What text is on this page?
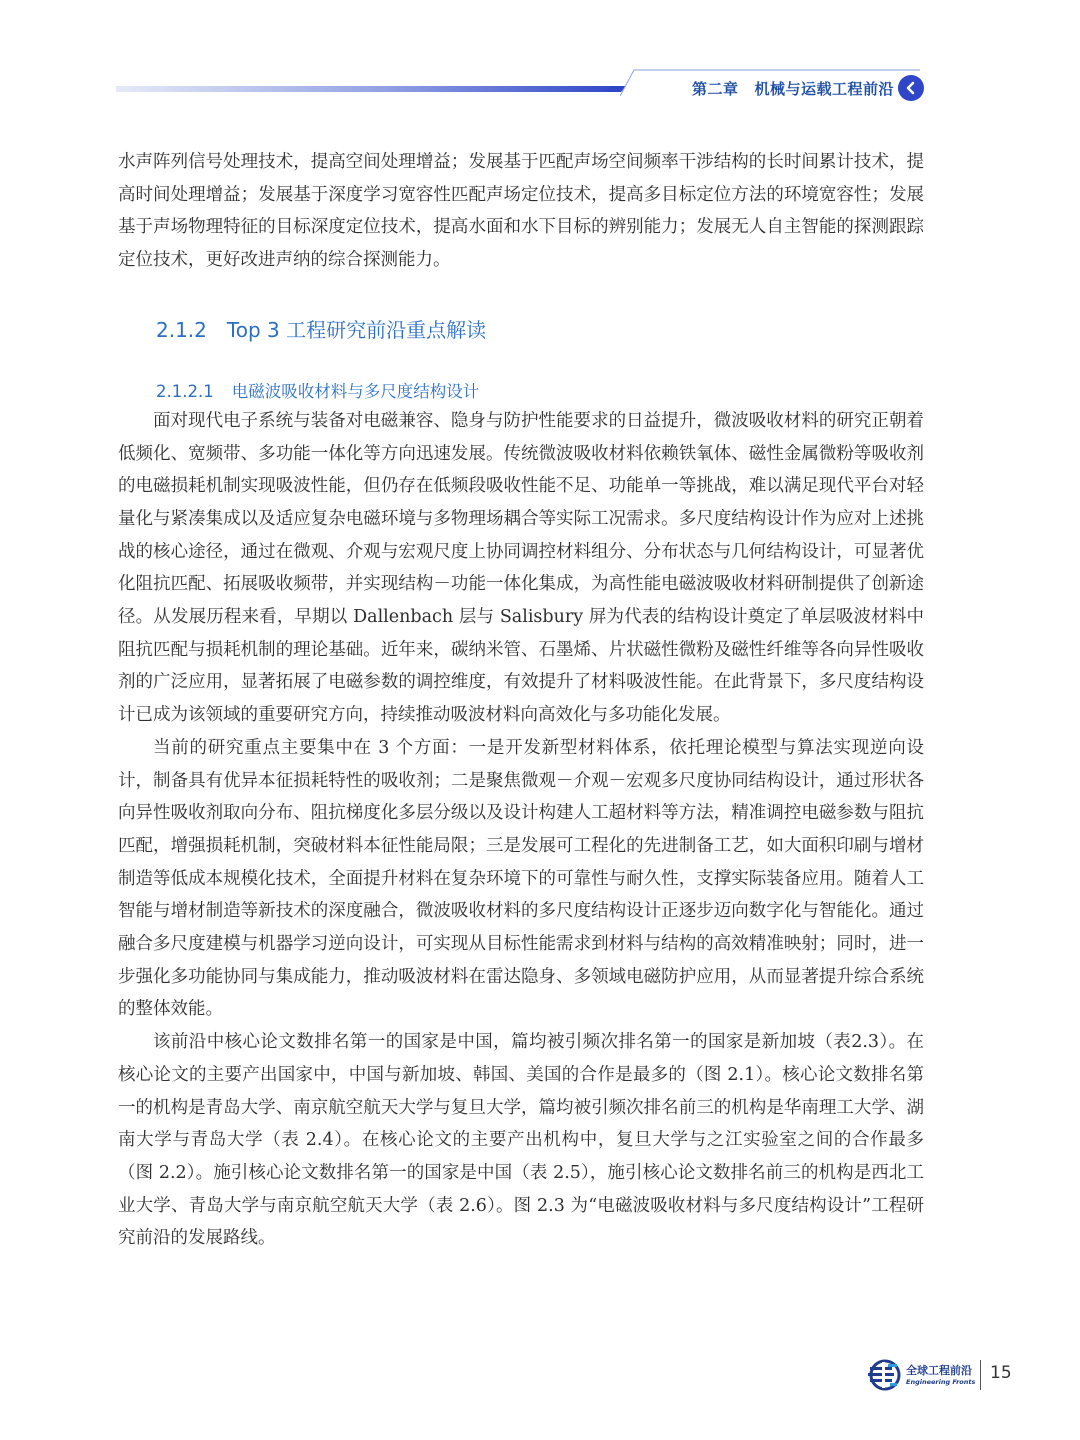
第二章 机械与运载工程前沿

水声阵列信号处理技术，提高空间处理增益；发展基于匹配声场空间频率干涉结构的长时间累计技术，提高时间处理增益；发展基于深度学习宽容性匹配声场定位技术，提高多目标定位方法的环境宽容性；发展基于声场物理特征的目标深度定位技术，提高水面和水下目标的辨别能力；发展无人自主智能的探测跟踪定位技术，更好改进声纳的综合探测能力。

2.1.2 Top 3 工程研究前沿重点解读
2.1.2.1 电磁波吸收材料与多尺度结构设计

面对现代电子系统与装备对电磁兼容、隐身与防护性能要求的日益提升，微波吸收材料的研究正朝着低频化、宽频带、多功能一体化等方向迅速发展。传统微波吸收材料依赖铁氧体、磁性金属微粉等吸收剂的电磁损耗机制实现吸波性能，但仍存在低频段吸收性能不足、功能单一等挑战，难以满足现代平台对轻量化与紧凑集成以及适应复杂电磁环境与多物理场耦合等实际工况需求。多尺度结构设计作为应对上述挑战的核心途径，通过在微观、介观与宏观尺度上协同调控材料组分、分布状态与几何结构设计，可显著优化阻抗匹配、拓展吸收频带，并实现结构－功能一体化集成，为高性能电磁波吸收材料研制提供了创新途径。从发展历程来看，早期以 Dallenbach 层与 Salisbury 屏为代表的结构设计奠定了单层吸波材料中阻抗匹配与损耗机制的理论基础。近年来，碳纳米管、石墨烯、片状磁性微粉及磁性纤维等各向异性吸收剂的广泛应用，显著拓展了电磁参数的调控维度，有效提升了材料吸波性能。在此背景下，多尺度结构设计已成为该领域的重要研究方向，持续推动吸波材料向高效化与多功能化发展。

当前的研究重点主要集中在 3 个方面：一是开发新型材料体系，依托理论模型与算法实现逆向设计，制备具有优异本征损耗特性的吸收剂；二是聚焦微观－介观－宏观多尺度协同结构设计，通过形状各向异性吸收剂取向分布、阻抗梯度化多层分级以及设计构建人工超材料等方法，精准调控电磁参数与阻抗匹配，增强损耗机制，突破材料本征性能局限；三是发展可工程化的先进制备工艺，如大面积印刷与增材制造等低成本规模化技术，全面提升材料在复杂环境下的可靠性与耐久性，支撑实际装备应用。随着人工智能与增材制造等新技术的深度融合，微波吸收材料的多尺度结构设计正逐步迈向数字化与智能化。通过融合多尺度建模与机器学习逆向设计，可实现从目标性能需求到材料与结构的高效精准映射；同时，进一步强化多功能协同与集成能力，推动吸波材料在雷达隐身、多领域电磁防护应用，从而显著提升综合系统的整体效能。

该前沿中核心论文数排名第一的国家是中国，篇均被引频次排名第一的国家是新加坡（表2.3）。在核心论文的主要产出国家中，中国与新加坡、韩国、美国的合作是最多的（图 2.1）。核心论文数排名第一的机构是青岛大学、南京航空航天大学与复旦大学，篇均被引频次排名前三的机构是华南理工大学、湖南大学与青岛大学（表 2.4）。在核心论文的主要产出机构中，复旦大学与之江实验室之间的合作最多（图 2.2）。施引核心论文数排名第一的国家是中国（表 2.5），施引核心论文数排名前三的机构是西北工业大学、青岛大学与南京航空航天大学（表 2.6）。图 2.3 为“电磁波吸收材料与多尺度结构设计”工程研究前沿的发展路线。

全球工程前沿
Engineering Fronts 15
